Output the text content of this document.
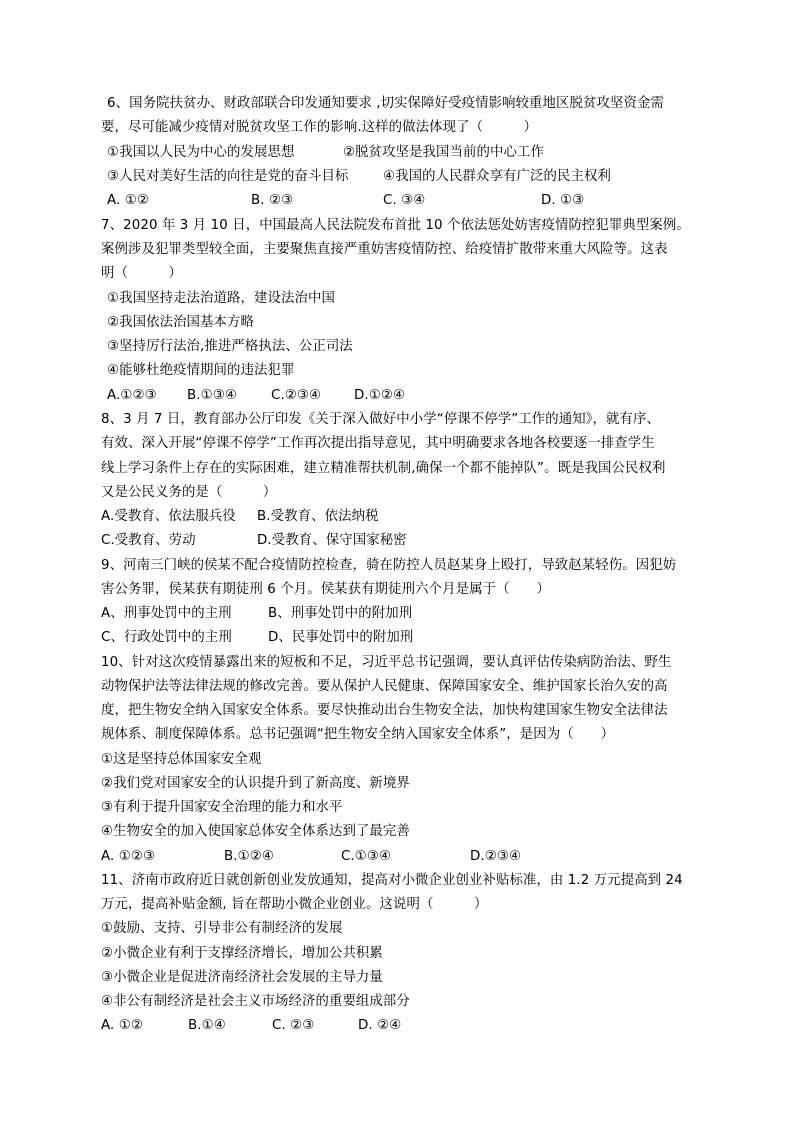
6、国务院扶贫办、财政部联合印发通知要求 ,切实保障好受疫情影响较重地区脱贫攻坚资金需
要，尽可能减少疫情对脱贫攻坚工作的影响.这样的做法体现了（　　　）
①我国以人民为中心的发展思想	②脱贫攻坚是我国当前的中心工作
③人民对美好生活的向往是党的奋斗目标	④我国的人民群众享有广泛的民主权利
A. ①②	B. ②③	C. ③④	D. ①③
7、2020 年 3 月 10 日，中国最高人民法院发布首批 10 个依法惩处妨害疫情防控犯罪典型案例。
案例涉及犯罪类型较全面，主要聚焦直接严重妨害疫情防控、给疫情扩散带来重大风险等。这表
明（　　　）
①我国坚持走法治道路，建设法治中国
②我国依法治国基本方略
③坚持厉行法治,推进严格执法、公正司法
④能够杜绝疫情期间的违法犯罪
A.①②③ B.①③④	C.②③④ D.①②④
8、3 月 7 日，教育部办公厅印发《关于深入做好中小学“停课不停学”工作的通知》，就有序、
有效、深入开展“停课不停学”工作再次提出指导意见，其中明确要求各地各校要逐一排查学生
线上学习条件上存在的实际困难，建立精准帮扶机制,确保一个都不能掉队”。既是我国公民权利
又是公民义务的是（　　　）
A.受教育、依法服兵役 B.受教育、依法纳税
C.受教育、劳动	D.受教育、保守国家秘密
9、河南三门峡的侯某不配合疫情防控检查，骑在防控人员赵某身上殴打，导致赵某轻伤。因犯妨
害公务罪，侯某获有期徒刑 6 个月。侯某获有期徒刑六个月是属于（　　）
A、刑事处罚中的主刑	B、刑事处罚中的附加刑
C、行政处罚中的主刑	D、民事处罚中的附加刑
10、针对这次疫情暴露出来的短板和不足，习近平总书记强调，要认真评估传染病防治法、野生
动物保护法等法律法规的修改完善。要从保护人民健康、保障国家安全、维护国家长治久安的高
度，把生物安全纳入国家安全体系。要尽快推动出台生物安全法，加快构建国家生物安全法律法
规体系、制度保障体系。总书记强调“把生物安全纳入国家安全体系”，是因为（　　）
①这是坚持总体国家安全观
②我们党对国家安全的认识提升到了新高度、新境界
③有利于提升国家安全治理的能力和水平
④生物安全的加入使国家总体安全体系达到了最完善
A. ①②③	B.①②④	C.①③④	D.②③④
11、济南市政府近日就创新创业发放通知，提高对小微企业创业补贴标准，由 1.2 万元提高到 24
万元，提高补贴金额, 旨在帮助小微企业创业。这说明（　　　）
①鼓励、支持、引导非公有制经济的发展
②小微企业有利于支撑经济增长，增加公共积累
③小微企业是促进济南经济社会发展的主导力量
④非公有制经济是社会主义市场经济的重要组成部分
A. ①②	B.①④	C. ②③	D. ②④
